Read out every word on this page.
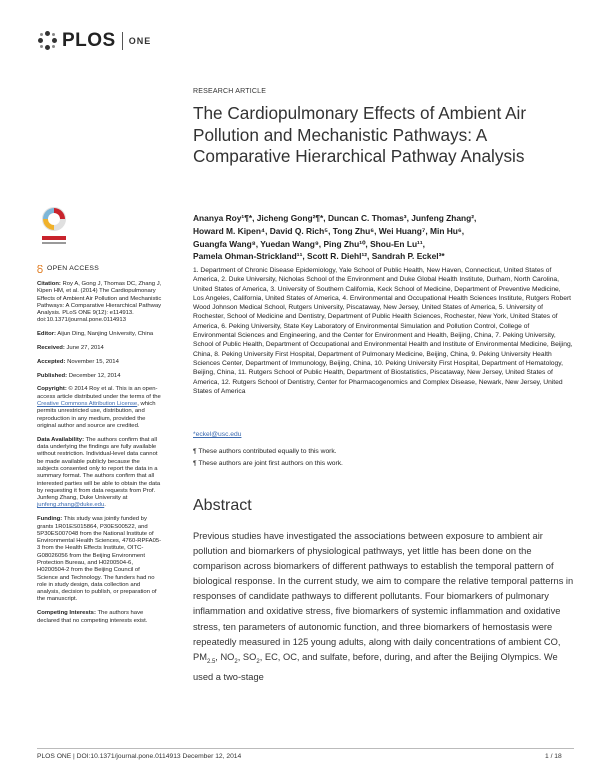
PLOS ONE
OPEN ACCESS

Citation: Roy A, Gong J, Thomas DC, Zhang J, Kipen HM, et al. (2014) The Cardiopulmonary Effects of Ambient Air Pollution and Mechanistic Pathways: A Comparative Hierarchical Pathway Analysis. PLoS ONE 9(12): e114913. doi:10.1371/journal.pone.0114913

Editor: Aijun Ding, Nanjing University, China

Received: June 27, 2014

Accepted: November 15, 2014

Published: December 12, 2014

Copyright: © 2014 Roy et al. This is an open-access article distributed under the terms of the Creative Commons Attribution License, which permits unrestricted use, distribution, and reproduction in any medium, provided the original author and source are credited.

Data Availability: The authors confirm that all data underlying the findings are fully available without restriction. Individual-level data cannot be made available publicly because the subjects consented only to report the data in a summary format. The authors confirm that all interested parties will be able to obtain the data by requesting it from data requests from Prof. Junfeng Zhang, Duke University at junfeng.zhang@duke.edu.

Funding: This study was jointly funded by grants 1R01ES015864, P30ES00522, and 5P30ES007048 from the National Institute of Environmental Health Sciences, 4760-RPFA05-3 from the Health Effects Institute, OITC-G08026056 from the Beijing Environment Protection Bureau, and H0200504-6, H0200504-2 from the Beijing Council of Science and Technology. The funders had no role in study design, data collection and analysis, decision to publish, or preparation of the manuscript.

Competing Interests: The authors have declared that no competing interests exist.

RESEARCH ARTICLE
The Cardiopulmonary Effects of Ambient Air Pollution and Mechanistic Pathways: A Comparative Hierarchical Pathway Analysis
Ananya Roy¹¶*, Jicheng Gong²¶*, Duncan C. Thomas³, Junfeng Zhang²,
Howard M. Kipen⁴, David Q. Rich⁵, Tong Zhu⁶, Wei Huang⁷, Min Hu⁶,
Guangfa Wang⁸, Yuedan Wang⁹, Ping Zhu¹⁰, Shou-En Lu¹¹,
Pamela Ohman-Strickland¹¹, Scott R. Diehl¹², Sandrah P. Eckel³*
1. Department of Chronic Disease Epidemiology, Yale School of Public Health, New Haven, Connecticut, United States of America, 2. Duke University, Nicholas School of the Environment and Duke Global Health Institute, Durham, North Carolina, United States of America, 3. University of Southern California, Keck School of Medicine, Department of Preventive Medicine, Los Angeles, California, United States of America, 4. Environmental and Occupational Health Sciences Institute, Rutgers Robert Wood Johnson Medical School, Rutgers University, Piscataway, New Jersey, United States of America, 5. University of Rochester, School of Medicine and Dentistry, Department of Public Health Sciences, Rochester, New York, United States of America, 6. Peking University, State Key Laboratory of Environmental Simulation and Pollution Control, College of Environmental Sciences and Engineering, and the Center for Environment and Health, Beijing, China, 7. Peking University, School of Public Health, Department of Occupational and Environmental Health and Institute of Environmental Medicine, Beijing, China, 8. Peking University First Hospital, Department of Pulmonary Medicine, Beijing, China, 9. Peking University Health Sciences Center, Department of Immunology, Beijing, China, 10. Peking University First Hospital, Department of Hematology, Beijing, China, 11. Rutgers School of Public Health, Department of Biostatistics, Piscataway, New Jersey, United States of America, 12. Rutgers School of Dentistry, Center for Pharmacogenomics and Complex Disease, Newark, New Jersey, United States of America
*eckel@usc.edu
¶ These authors contributed equally to this work.
¶ These authors are joint first authors on this work.
Abstract
Previous studies have investigated the associations between exposure to ambient air pollution and biomarkers of physiological pathways, yet little has been done on the comparison across biomarkers of different pathways to establish the temporal pattern of biological response. In the current study, we aim to compare the relative temporal patterns in responses of candidate pathways to different pollutants. Four biomarkers of pulmonary inflammation and oxidative stress, five biomarkers of systemic inflammation and oxidative stress, ten parameters of autonomic function, and three biomarkers of hemostasis were repeatedly measured in 125 young adults, along with daily concentrations of ambient CO, $PM_{2.5}$, $NO_2$, $SO_2$, EC, OC, and sulfate, before, during, and after the Beijing Olympics. We used a two-stage
PLOS ONE | DOI:10.1371/journal.pone.0114913 December 12, 2014	1 / 18
